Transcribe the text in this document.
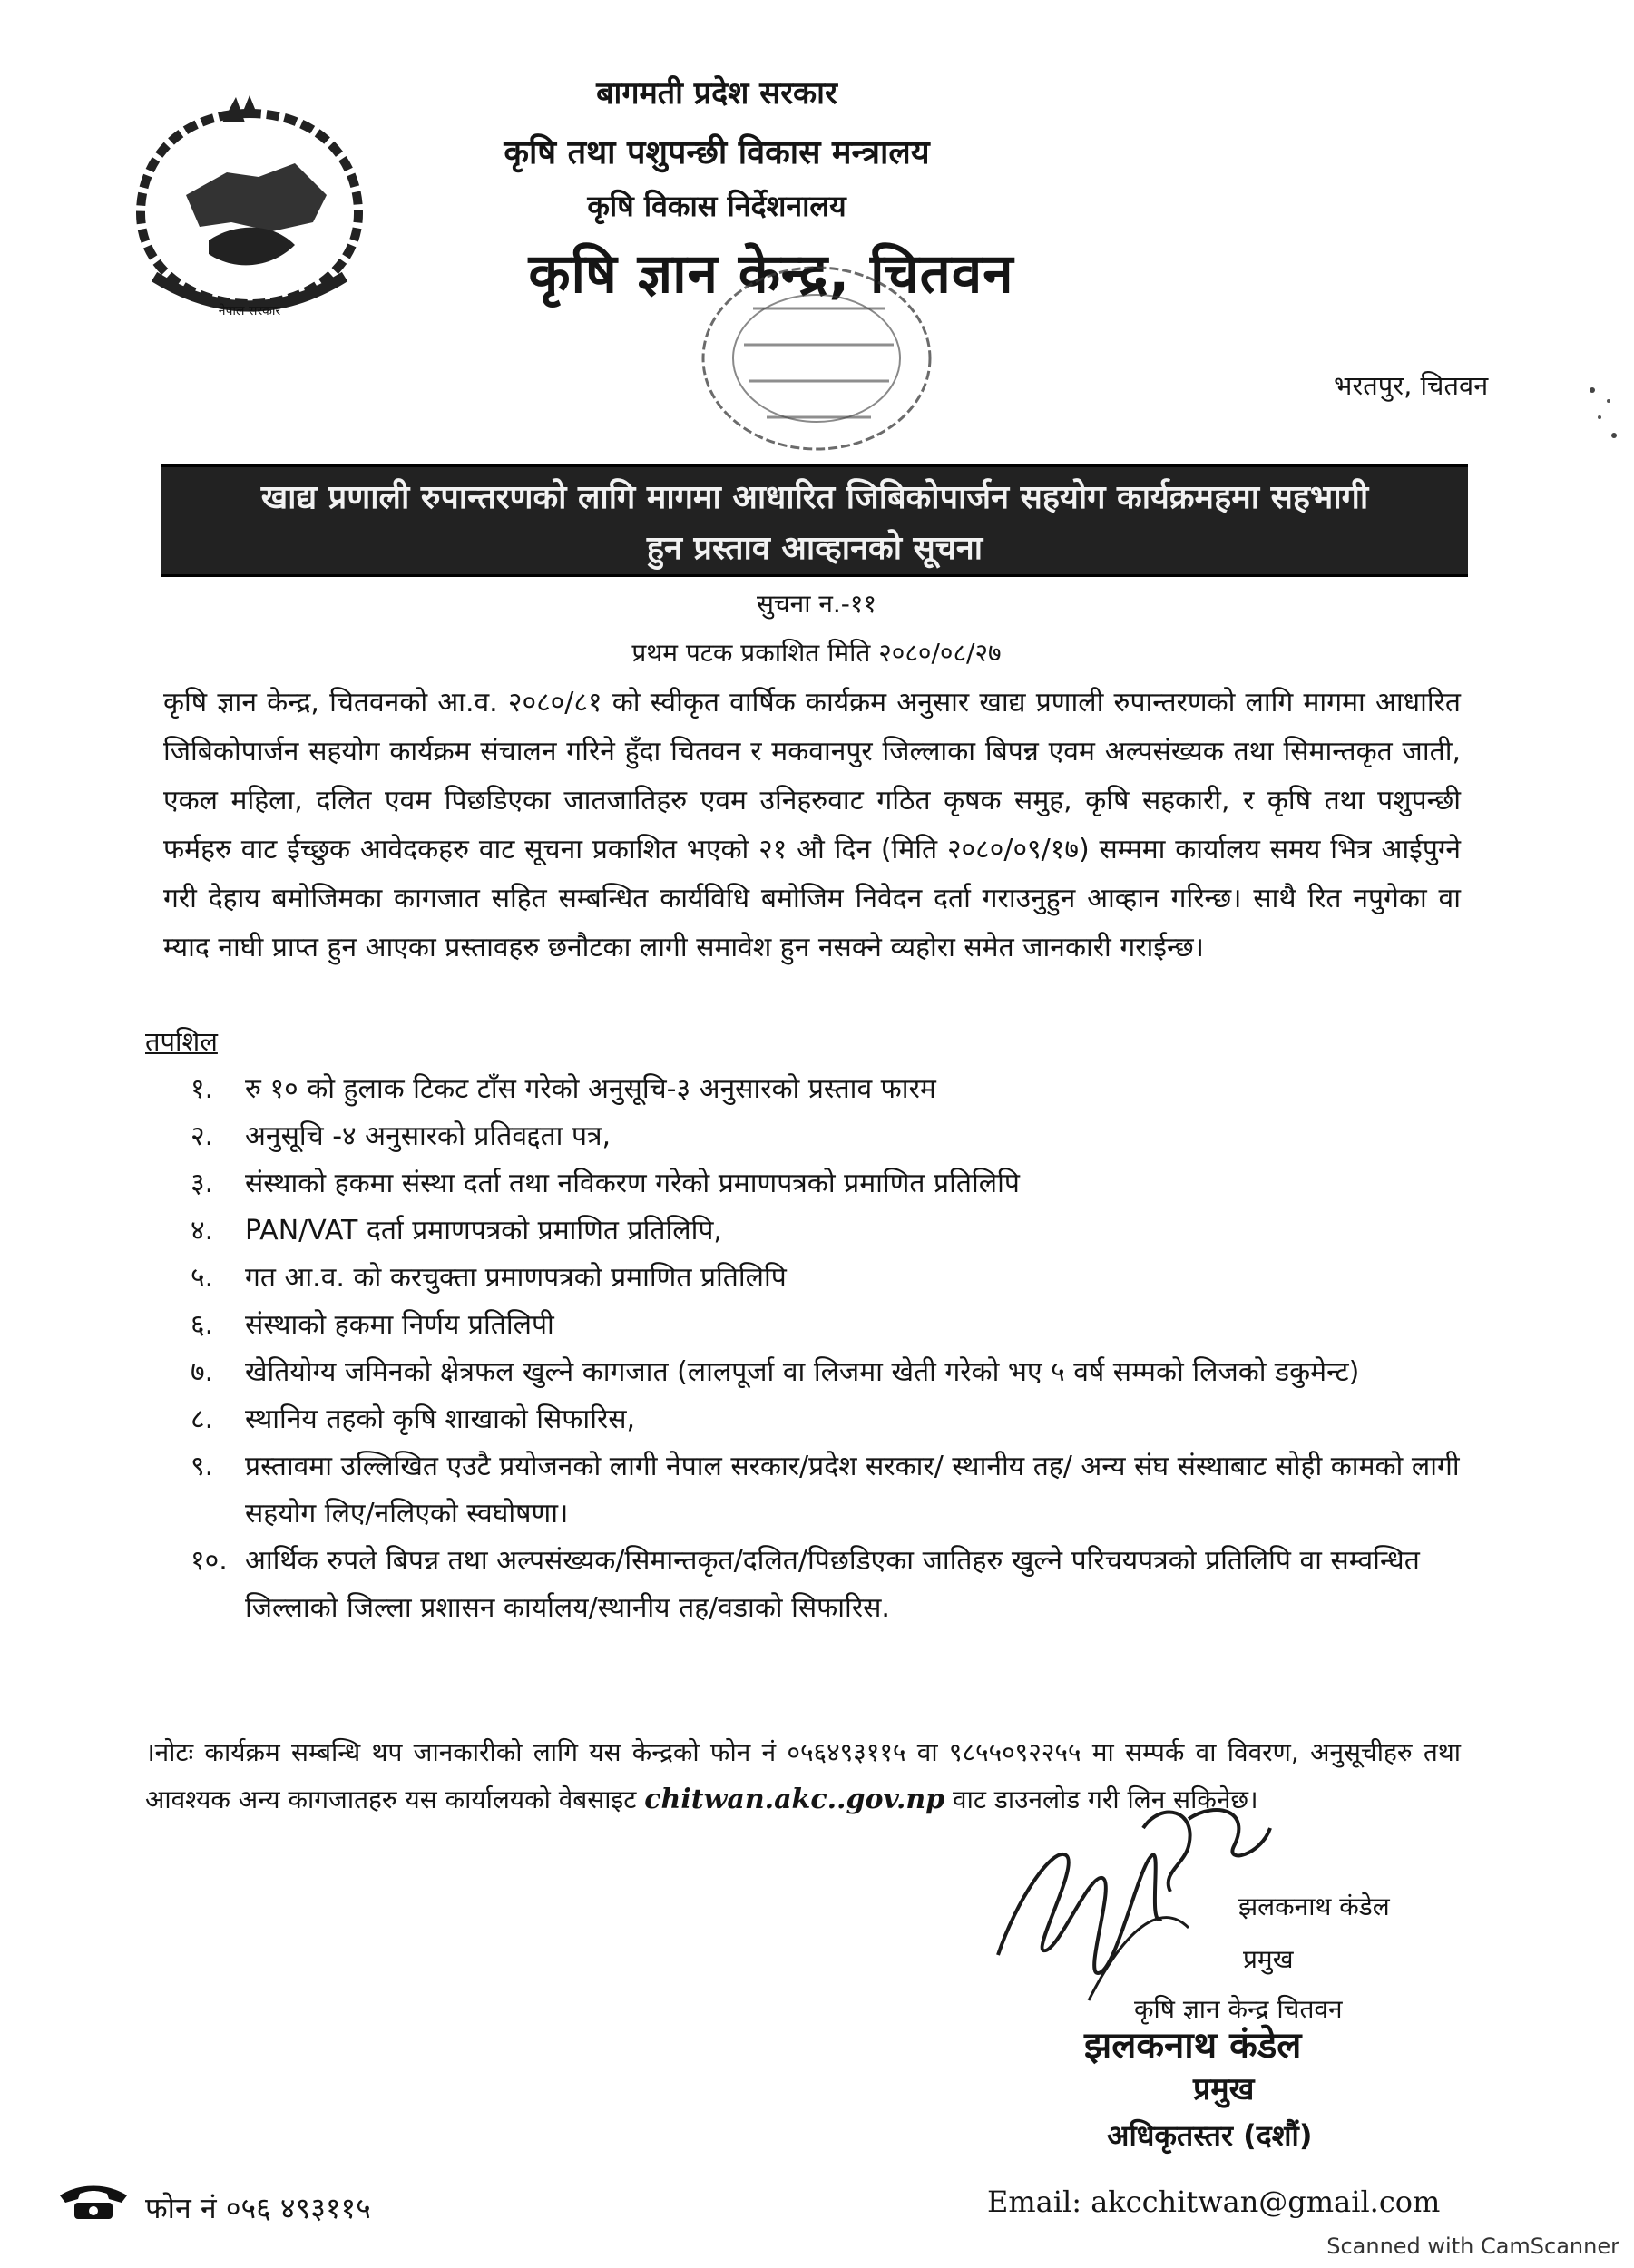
नेपाल सरकार
बागमती प्रदेश सरकार
कृषि तथा पशुपन्छी विकास मन्त्रालय
कृषि विकास निर्देशनालय
कृषि ज्ञान केन्द्र, चितवन
भरतपुर, चितवन
खाद्य प्रणाली रुपान्तरणको लागि मागमा आधारित जिबिकोपार्जन सहयोग कार्यक्रमहमा सहभागी
हुन प्रस्ताव आव्हानको सूचना
सुचना न.-११
प्रथम पटक प्रकाशित मिति २०८०/०८/२७
कृषि ज्ञान केन्द्र, चितवनको आ.व. २०८०/८१ को स्वीकृत वार्षिक कार्यक्रम अनुसार खाद्य प्रणाली रुपान्तरणको लागि मागमा आधारित जिबिकोपार्जन सहयोग कार्यक्रम संचालन गरिने हुँदा चितवन र मकवानपुर जिल्लाका बिपन्न एवम अल्पसंख्यक तथा सिमान्तकृत जाती, एकल महिला, दलित एवम पिछडिएका जातजातिहरु एवम उनिहरुवाट गठित कृषक समुह, कृषि सहकारी, र कृषि तथा पशुपन्छी फर्महरु वाट ईच्छुक आवेदकहरु वाट सूचना प्रकाशित भएको २१ औ दिन (मिति २०८०/०९/१७) सम्ममा कार्यालय समय भित्र आईपुग्ने गरी देहाय बमोजिमका कागजात सहित सम्बन्धित कार्यविधि बमोजिम निवेदन दर्ता गराउनुहुन आव्हान गरिन्छ। साथै रित नपुगेका वा म्याद नाघी प्राप्त हुन आएका प्रस्तावहरु छनौटका लागी समावेश हुन नसक्ने व्यहोरा समेत जानकारी गराईन्छ।
तपशिल
१. रु १० को हुलाक टिकट टाँस गरेको अनुसूचि-३ अनुसारको प्रस्ताव फारम
२. अनुसूचि -४ अनुसारको प्रतिवद्दता पत्र,
३. संस्थाको हकमा संस्था दर्ता तथा नविकरण गरेको प्रमाणपत्रको प्रमाणित प्रतिलिपि
४. PAN/VAT दर्ता प्रमाणपत्रको प्रमाणित प्रतिलिपि,
५. गत आ.व. को करचुक्ता प्रमाणपत्रको प्रमाणित प्रतिलिपि
६. संस्थाको हकमा निर्णय प्रतिलिपी
७. खेतियोग्य जमिनको क्षेत्रफल खुल्ने कागजात (लालपूर्जा वा लिजमा खेती गरेको भए ५ वर्ष सम्मको लिजको डकुमेन्ट)
८. स्थानिय तहको कृषि शाखाको सिफारिस,
९. प्रस्तावमा उल्लिखित एउटै प्रयोजनको लागी नेपाल सरकार/प्रदेश सरकार/ स्थानीय तह/ अन्य संघ संस्थाबाट सोही कामको लागी सहयोग लिए/नलिएको स्वघोषणा।
१०. आर्थिक रुपले बिपन्न तथा अल्पसंख्यक/सिमान्तकृत/दलित/पिछडिएका जातिहरु खुल्ने परिचयपत्रको प्रतिलिपि वा सम्वन्धित जिल्लाको जिल्ला प्रशासन कार्यालय/स्थानीय तह/वडाको सिफारिस.
।नोटः कार्यक्रम सम्बन्धि थप जानकारीको लागि यस केन्द्रको फोन नं ०५६४९३११५ वा ९८५५०९२२५५ मा सम्पर्क वा विवरण, अनुसूचीहरु तथा आवश्यक अन्य कागजातहरु यस कार्यालयको वेबसाइट chitwan.akc..gov.np वाट डाउनलोड गरी लिन सकिनेछ।
झलकनाथ कंडेल
प्रमुख
कृषि ज्ञान केन्द्र चितवन
झलकनाथ कंडेल
प्रमुख
अधिकृतस्तर (दशौं)
फोन नं ०५६ ४९३११५	Email: akcchitwan@gmail.com
Scanned with CamScanner
